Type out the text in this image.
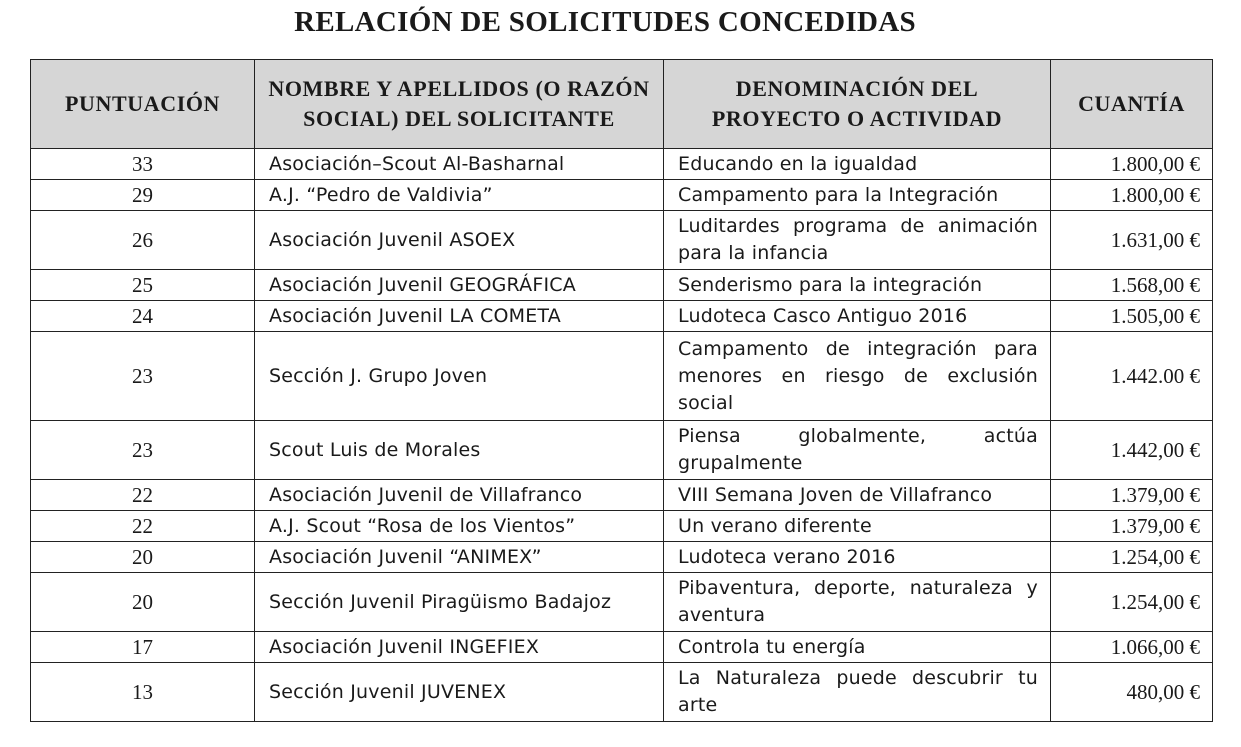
RELACIÓN DE SOLICITUDES CONCEDIDAS
PUNTUACIÓN	NOMBRE Y APELLIDOS (O RAZÓN SOCIAL) DEL SOLICITANTE	DENOMINACIÓN DEL PROYECTO O ACTIVIDAD	CUANTÍA
33	Asociación–Scout Al-Basharnal	Educando en la igualdad	1.800,00 €
29	A.J. “Pedro de Valdivia”	Campamento para la Integración	1.800,00 €
26	Asociación Juvenil ASOEX	Luditardes programa de animación para la infancia	1.631,00 €
25	Asociación Juvenil GEOGRÁFICA	Senderismo para la integración	1.568,00 €
24	Asociación Juvenil LA COMETA	Ludoteca Casco Antiguo 2016	1.505,00 €
23	Sección J. Grupo Joven	Campamento de integración para menores en riesgo de exclusión social	1.442.00 €
23	Scout Luis de Morales	Piensa globalmente, actúa grupalmente	1.442,00 €
22	Asociación Juvenil de Villafranco	VIII Semana Joven de Villafranco	1.379,00 €
22	A.J. Scout “Rosa de los Vientos”	Un verano diferente	1.379,00 €
20	Asociación Juvenil “ANIMEX”	Ludoteca verano 2016	1.254,00 €
20	Sección Juvenil Piragüismo Badajoz	Pibaventura, deporte, naturaleza y aventura	1.254,00 €
17	Asociación Juvenil INGEFIEX	Controla tu energía	1.066,00 €
13	Sección Juvenil JUVENEX	La Naturaleza puede descubrir tu arte	480,00 €
